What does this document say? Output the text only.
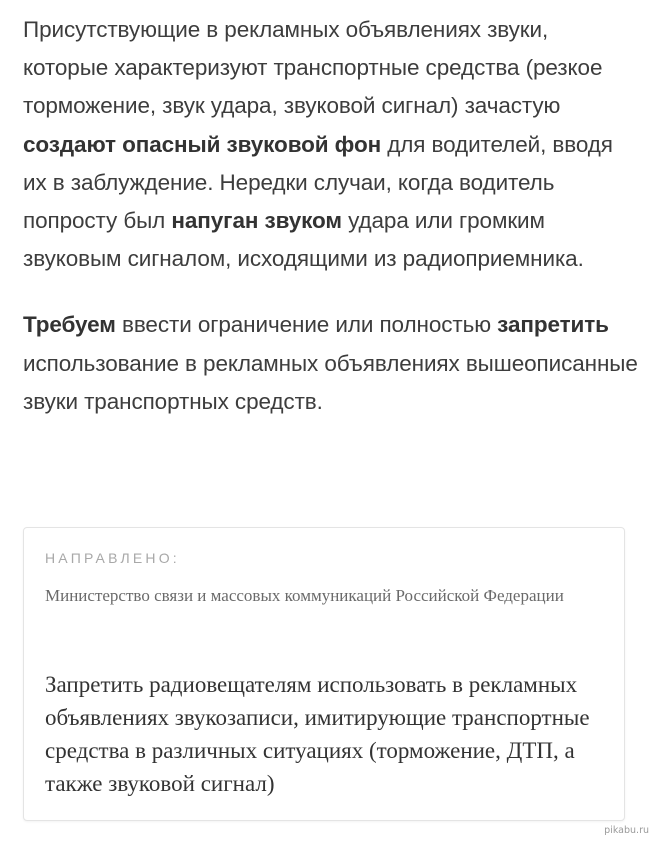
Присутствующие в рекламных объявлениях звуки, которые характеризуют транспортные средства (резкое торможение, звук удара, звуковой сигнал) зачастую создают опасный звуковой фон для водителей, вводя их в заблуждение. Нередки случаи, когда водитель попросту был напуган звуком удара или громким звуковым сигналом, исходящими из радиоприемника.

Требуем ввести ограничение или полностью запретить использование в рекламных объявлениях вышеописанные звуки транспортных средств.

НАПРАВЛЕНО:
Министерство связи и массовых коммуникаций Российской Федерации
Запретить радиовещателям использовать в рекламных объявлениях звукозаписи, имитирующие транспортные средства в различных ситуациях (торможение, ДТП, а также звуковой сигнал)
pikabu.ru
